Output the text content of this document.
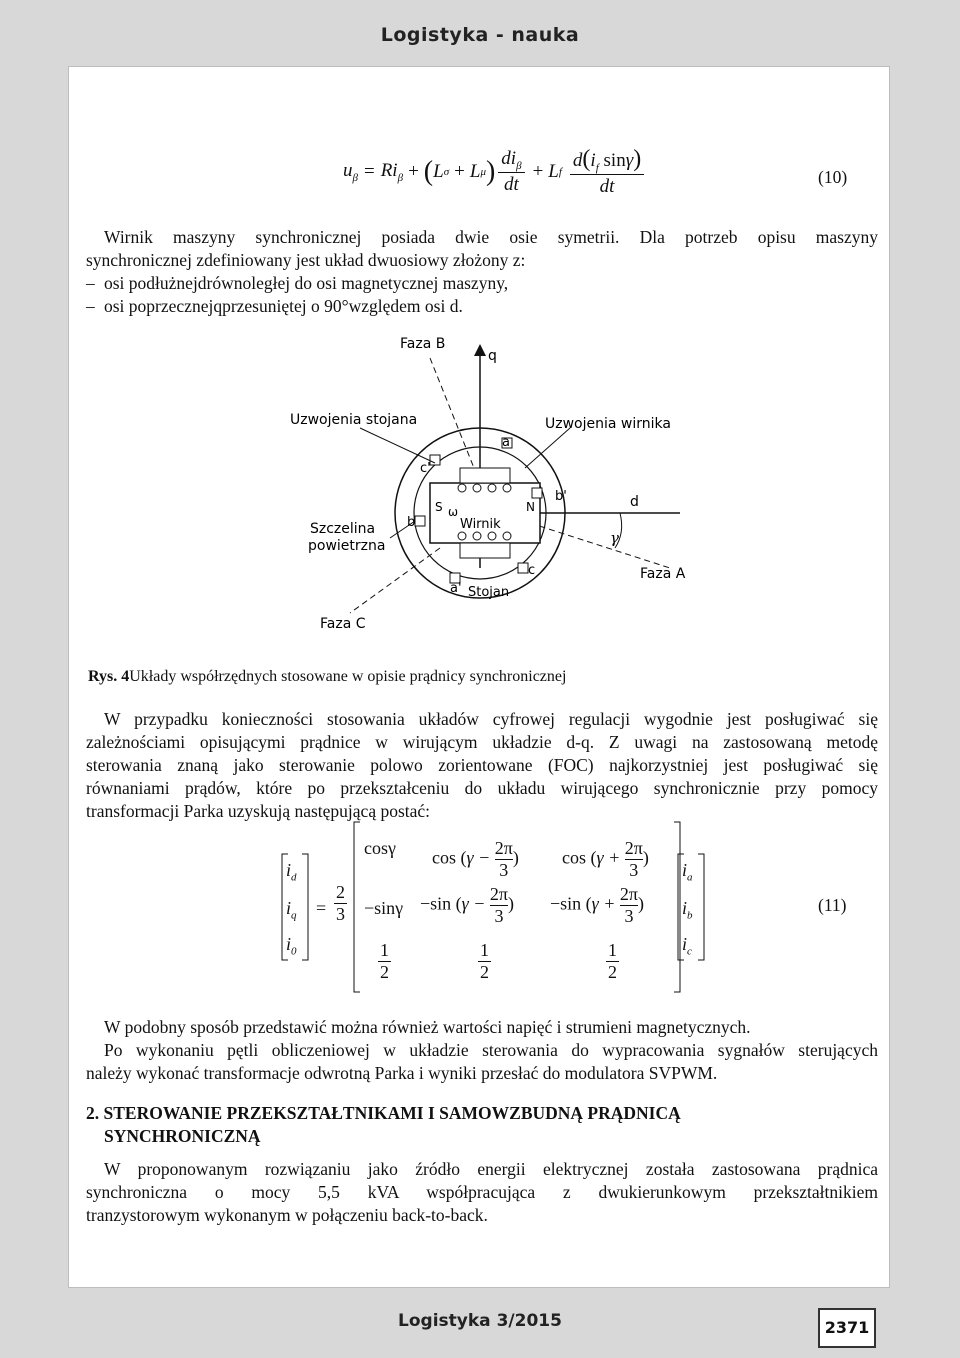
Logistyka - nauka
$u_\beta = Ri_\beta$ + ( L σ + L μ ) $\frac{di_\beta}{dt} + L$ f $\frac{d(i_f \sin\gamma)}{dt}$	(10)
Wirnik maszyny synchronicznej posiada dwie osie symetrii. Dla potrzeb opisu maszyny
synchronicznej zdefiniowany jest układ dwuosiowy złożony z:
– osi podłużnejdrównoległej do osi magnetycznej maszyny,
– osi poprzecznejqprzesuniętej o 90°względem osi d.
Faza B
q
Uzwojenia stojana	Uzwojenia wirnika
a
c'
b'	d
S ω	N
b	Wirnik
Szczelina
powietrzna	γ
c	Faza A
a' Stojan
Faza C
Rys. 4Układy współrzędnych stosowane w opisie prądnicy synchronicznej
W przypadku konieczności stosowania układów cyfrowej regulacji wygodnie jest posługiwać się
zależnościami opisującymi prądnice w wirującym układzie d-q. Z uwagi na zastosowaną metodę
sterowania znaną jako sterowanie polowo zorientowane (FOC) najkorzystniej jest posługiwać się
równaniami prądów, które po przekształceniu do układu wirującego synchronicznie przy pomocy
transformacji Parka uzyskują następującą postać:
$i_d$
$i_q$
$i_0$
=
2
3
cosγ $\cos (\gamma - \frac{2\pi}{3}$ ) $\cos (\gamma + \frac{2\pi}{3}$ )
−sinγ −sin ($\gamma - \frac{2\pi}{3}$ ) −sin ($\gamma + \frac{2\pi}{3}$ )
1
2
1
2
1
2
$i_a$
$i_b$
$i_c$
(11)
W podobny sposób przedstawić można również wartości napięć i strumieni magnetycznych.
Po wykonaniu pętli obliczeniowej w układzie sterowania do wypracowania sygnałów sterujących
należy wykonać transformacje odwrotną Parka i wyniki przesłać do modulatora SVPWM.
2. STEROWANIE PRZEKSZTAŁTNIKAMI I SAMOWZBUDNĄ PRĄDNICĄ
SYNCHRONICZNĄ
W proponowanym rozwiązaniu jako źródło energii elektrycznej została zastosowana prądnica
synchroniczna o mocy 5,5 kVA współpracująca z dwukierunkowym przekształtnikiem
tranzystorowym wykonanym w połączeniu back-to-back.
Logistyka 3/2015	2371
